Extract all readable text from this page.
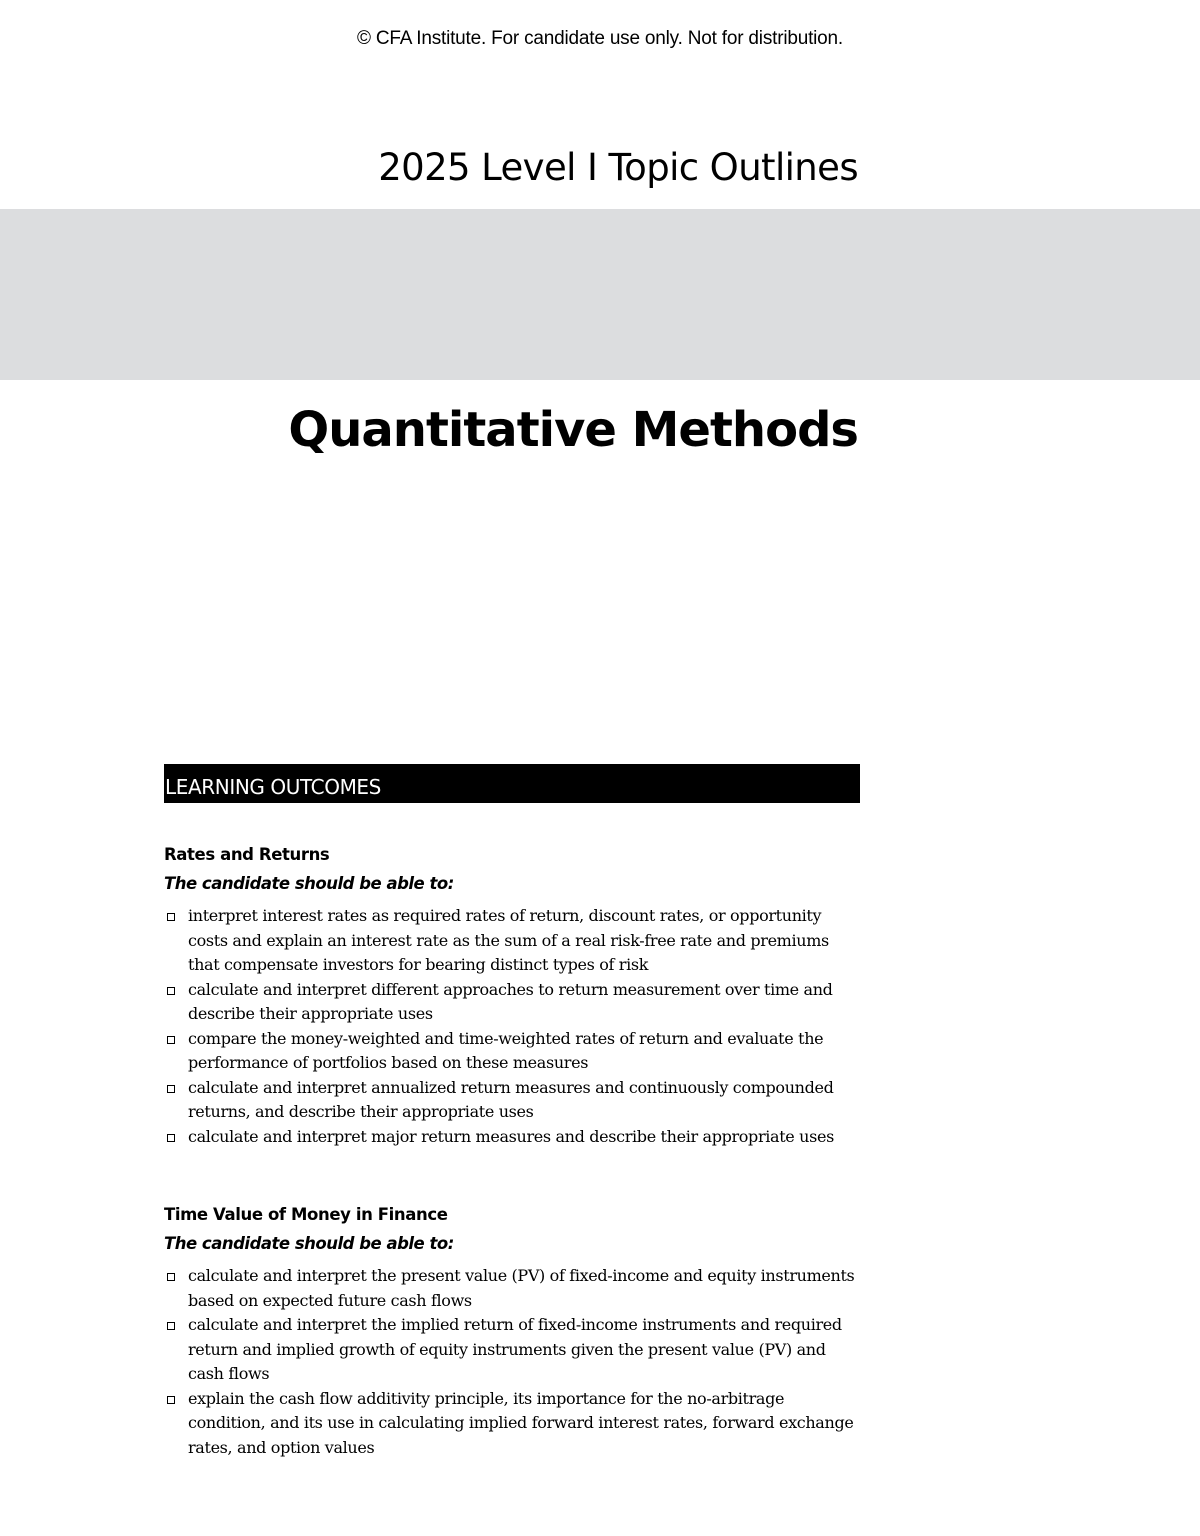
© CFA Institute. For candidate use only. Not for distribution.
2025 Level I Topic Outlines
Quantitative Methods
LEARNING OUTCOMES
Rates and Returns
The candidate should be able to:
interpret interest rates as required rates of return, discount rates, or opportunity costs and explain an interest rate as the sum of a real risk-free rate and premiums that compensate investors for bearing distinct types of risk
calculate and interpret different approaches to return measurement over time and describe their appropriate uses
compare the money-weighted and time-weighted rates of return and evaluate the performance of portfolios based on these measures
calculate and interpret annualized return measures and continuously compounded returns, and describe their appropriate uses
calculate and interpret major return measures and describe their appropriate uses
Time Value of Money in Finance
The candidate should be able to:
calculate and interpret the present value (PV) of fixed-income and equity instruments based on expected future cash flows
calculate and interpret the implied return of fixed-income instruments and required return and implied growth of equity instruments given the present value (PV) and cash flows
explain the cash flow additivity principle, its importance for the no-arbitrage condition, and its use in calculating implied forward interest rates, forward exchange rates, and option values
